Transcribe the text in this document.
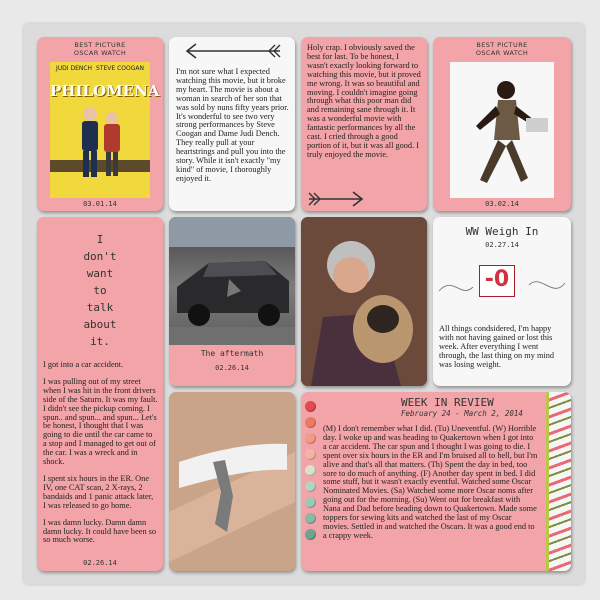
BEST PICTURE
OSCAR WATCH
JUDI DENCH STEVE COOGAN
PHILOMENA
03.01.14
I'm not sure what I expected watching this movie, but it broke my heart. The movie is about a woman in search of her son that was sold by nuns fifty years prior. It's wonderful to see two very strong performances by Steve Coogan and Dame Judi Dench. They really pull at your heartstrings and pull you into the story. While it isn't exactly "my kind" of movie, I thoroughly enjoyed it.
Holy crap. I obviously saved the best for last. To be honest, I wasn't exactly looking forward to watching this movie, but it proved me wrong. It was so beautiful and moving. I couldn't imagine going through what this poor man did and remaining sane through it. It was a wonderful movie with fantastic performances by all the cast. I cried through a good portion of it, but it was all good. I truly enjoyed the movie.
BEST PICTURE
OSCAR WATCH
03.02.14
I
don't
want
to
talk
about
it.

I got into a car accident.

I was pulling out of my street when I was hit in the front drivers side of the Saturn. It was my fault. I didn't see the pickup coming. I spun.. and spun... and spun... Let's be honest, I thought that I was going to die until the car came to a stop and I managed to get out of the car. I was a wreck and in shock.

I spent six hours in the ER. One IV, one CAT scan, 2 X-rays, 2 bandaids and 1 panic attack later, I was released to go home.

I was damn lucky. Damn damn damn lucky. It could have been so so much worse.

02.26.14
The aftermath
02.26.14
WW Weigh In
02.27.14
-0
All things condsidered, I'm happy with not having gained or lost this week. After everything I went through, the last thing on my mind was losing weight.
WEEK IN REVIEW
February 24 - March 2, 2014
(M) I don't remember what I did. (Tu) Uneventful. (W) Horrible day. I woke up and was heading to Quakertown when I got into a car accident. The car spun and I thought I was going to die. I spent over six hours in the ER and I'm bruised all to hell, but I'm alive and that's all that matters. (Th) Spent the day in bed, too sore to do much of anything. (F) Another day spent in bed. I did some stuff, but it wasn't exactly eventful. Watched some Oscar Nominated Movies. (Sa) Watched some more Oscar noms after going out for the morning. (Su) Went out for breakfast with Nana and Dad before heading down to Quakertown. Made some toppers for sewing kits and watched the last of my Oscar movies. Settled in and watched the Oscars. It was a good end to a crappy week.
